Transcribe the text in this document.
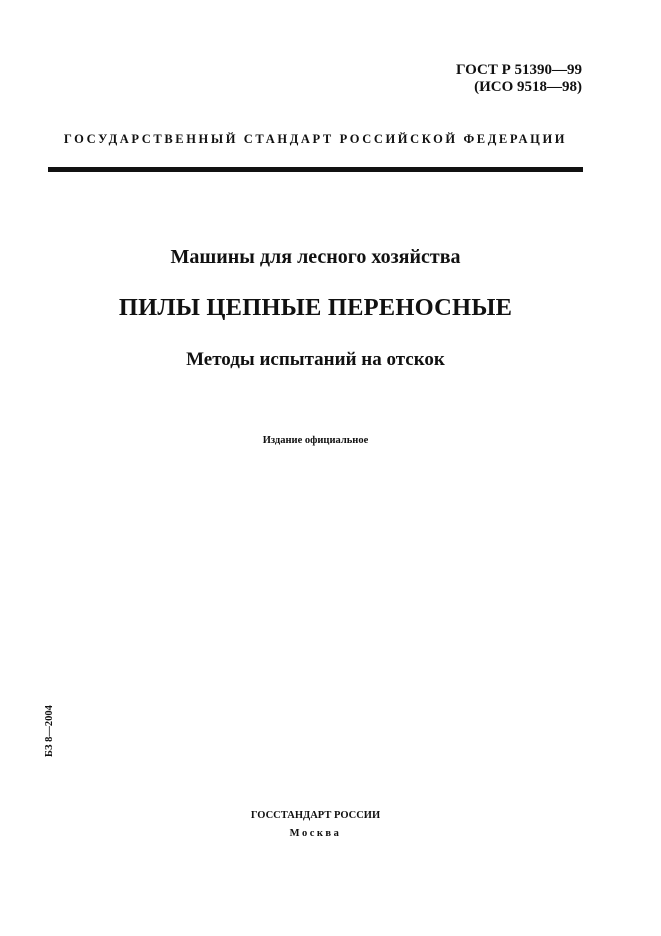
ГОСТ Р 51390—99
(ИСО 9518—98)
ГОСУДАРСТВЕННЫЙ СТАНДАРТ РОССИЙСКОЙ ФЕДЕРАЦИИ
Машины для лесного хозяйства
ПИЛЫ ЦЕПНЫЕ ПЕРЕНОСНЫЕ
Методы испытаний на отскок
Издание официальное
БЗ 8—2004
ГОССТАНДАРТ РОССИИ
Москва
